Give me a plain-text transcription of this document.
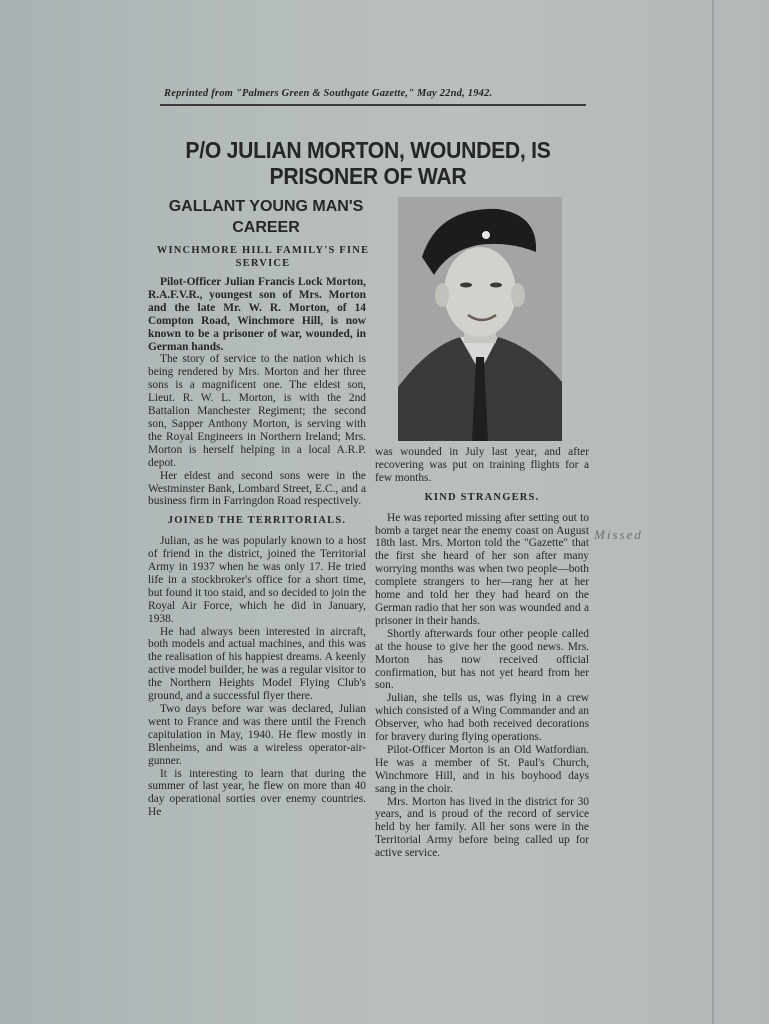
Reprinted from "Palmers Green & Southgate Gazette," May 22nd, 1942.
P/O JULIAN MORTON, WOUNDED, IS PRISONER OF WAR
GALLANT YOUNG MAN'S CAREER
WINCHMORE HILL FAMILY'S FINE SERVICE

Pilot-Officer Julian Francis Lock Morton, R.A.F.V.R., youngest son of Mrs. Morton and the late Mr. W. R. Morton, of 14 Compton Road, Winchmore Hill, is now known to be a prisoner of war, wounded, in German hands.

The story of service to the nation which is being rendered by Mrs. Morton and her three sons is a magnificent one. The eldest son, Lieut. R. W. L. Morton, is with the 2nd Battalion Manchester Regiment; the second son, Sapper Anthony Morton, is serving with the Royal Engineers in Northern Ireland; Mrs. Morton is herself helping in a local A.R.P. depot.

Her eldest and second sons were in the Westminster Bank, Lombard Street, E.C., and a business firm in Farringdon Road respectively.

JOINED THE TERRITORIALS.

Julian, as he was popularly known to a host of friend in the district, joined the Territorial Army in 1937 when he was only 17. He tried life in a stockbroker's office for a short time, but found it too staid, and so decided to join the Royal Air Force, which he did in January, 1938.

He had always been interested in aircraft, both models and actual machines, and this was the realisation of his happiest dreams. A keenly active model builder, he was a regular visitor to the Northern Heights Model Flying Club's ground, and a successful flyer there.

Two days before war was declared, Julian went to France and was there until the French capitulation in May, 1940. He flew mostly in Blenheims, and was a wireless operator-air-gunner.

It is interesting to learn that during the summer of last year, he flew on more than 40 day operational sorties over enemy countries. He

was wounded in July last year, and after recovering was put on training flights for a few months.

KIND STRANGERS.

He was reported missing after setting out to bomb a target near the enemy coast on August 18th last. Mrs. Morton told the "Gazette" that the first she heard of her son after many worrying months was when two people—both complete strangers to her—rang her at her home and told her they had heard on the German radio that her son was wounded and a prisoner in their hands.

Shortly afterwards four other people called at the house to give her the good news. Mrs. Morton has now received official confirmation, but has not yet heard from her son.

Julian, she tells us, was flying in a crew which consisted of a Wing Commander and an Observer, who had both received decorations for bravery during flying operations.

Pilot-Officer Morton is an Old Watfordian. He was a member of St. Paul's Church, Winchmore Hill, and in his boyhood days sang in the choir.

Mrs. Morton has lived in the district for 30 years, and is proud of the record of service held by her family. All her sons were in the Territorial Army before being called up for active service.

Missed
